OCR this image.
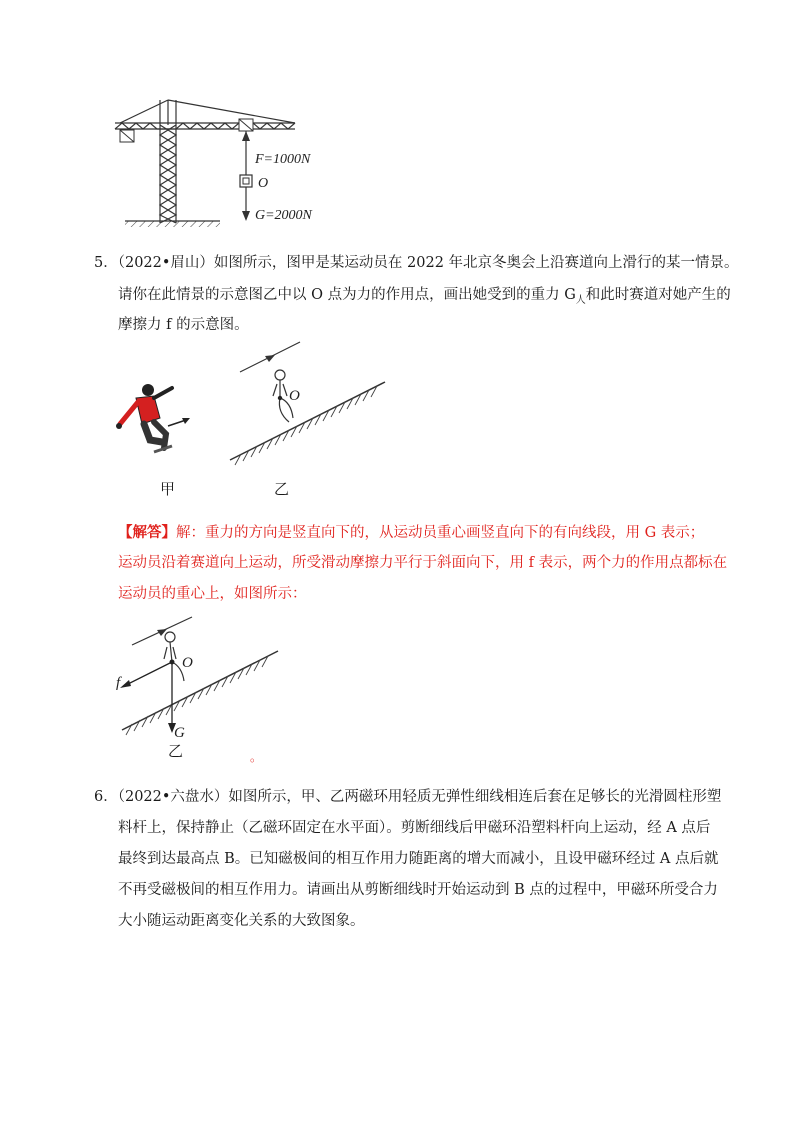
F=1000N
O
G=2000N
5．（2022•眉山）如图所示，图甲是某运动员在 2022 年北京冬奥会上沿赛道向上滑行的某一情景。
请你在此情景的示意图乙中以 O 点为力的作用点，画出她受到的重力 $G_人$和此时赛道对她产生的
摩擦力 f 的示意图。
甲
O
乙
【解答】解：重力的方向是竖直向下的，从运动员重心画竖直向下的有向线段，用 G 表示；
运动员沿着赛道向上运动，所受滑动摩擦力平行于斜面向下，用 f 表示，两个力的作用点都标在
运动员的重心上，如图所示：
f
O
G
乙	。
6．（2022•六盘水）如图所示，甲、乙两磁环用轻质无弹性细线相连后套在足够长的光滑圆柱形塑
料杆上，保持静止（乙磁环固定在水平面）。剪断细线后甲磁环沿塑料杆向上运动，经 A 点后
最终到达最高点 B。已知磁极间的相互作用力随距离的增大而减小，且设甲磁环经过 A 点后就
不再受磁极间的相互作用力。请画出从剪断细线时开始运动到 B 点的过程中，甲磁环所受合力
大小随运动距离变化关系的大致图象。
